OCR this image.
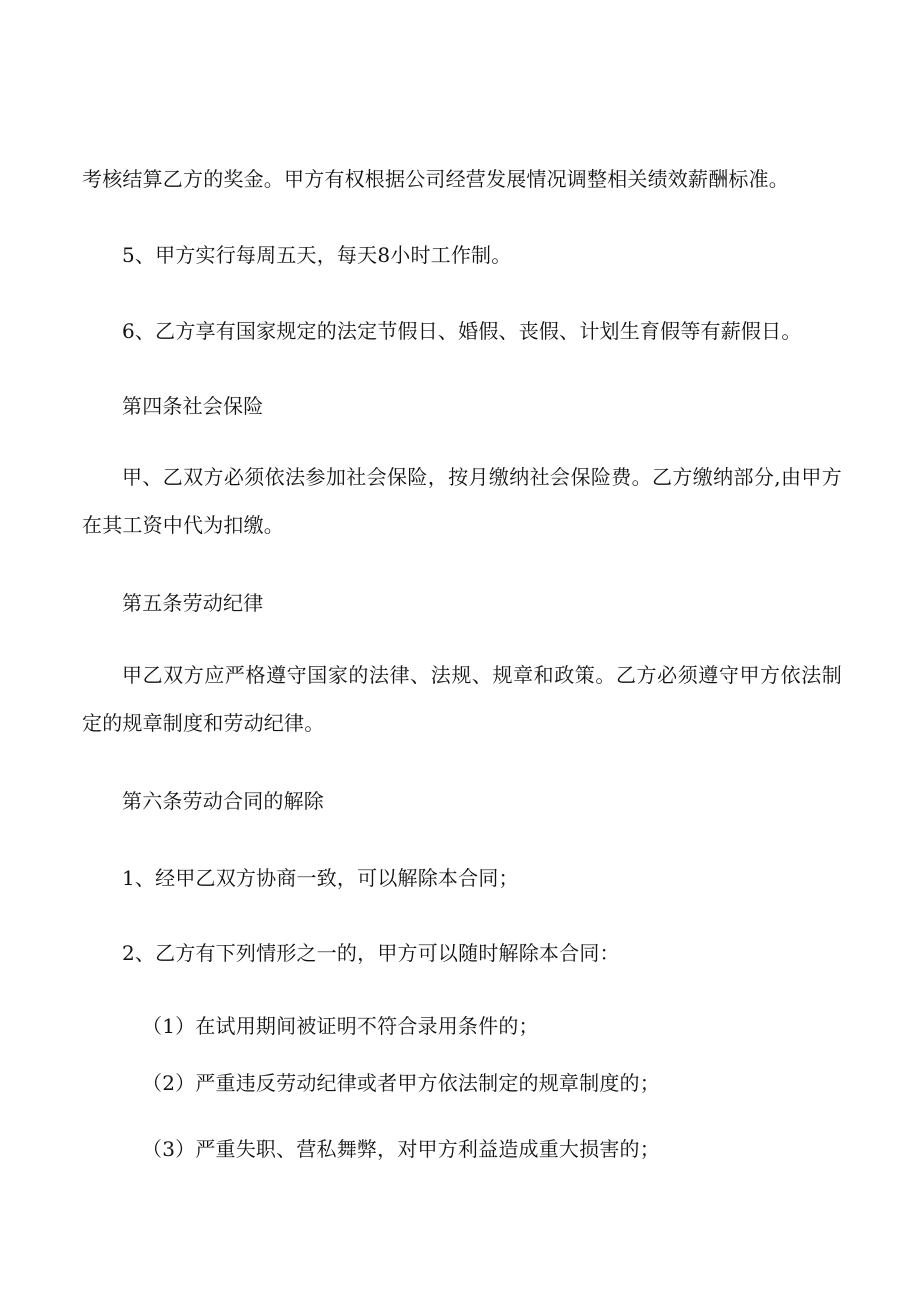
考核结算乙方的奖金。甲方有权根据公司经营发展情况调整相关绩效薪酬标准。
5、甲方实行每周五天，每天8小时工作制。
6、乙方享有国家规定的法定节假日、婚假、丧假、计划生育假等有薪假日。
第四条社会保险
甲、乙双方必须依法参加社会保险，按月缴纳社会保险费。乙方缴纳部分,由甲方
在其工资中代为扣缴。
第五条劳动纪律
甲乙双方应严格遵守国家的法律、法规、规章和政策。乙方必须遵守甲方依法制
定的规章制度和劳动纪律。
第六条劳动合同的解除
1、经甲乙双方协商一致，可以解除本合同；
2、乙方有下列情形之一的，甲方可以随时解除本合同：
（1）在试用期间被证明不符合录用条件的；
（2）严重违反劳动纪律或者甲方依法制定的规章制度的；
（3）严重失职、营私舞弊，对甲方利益造成重大损害的；
